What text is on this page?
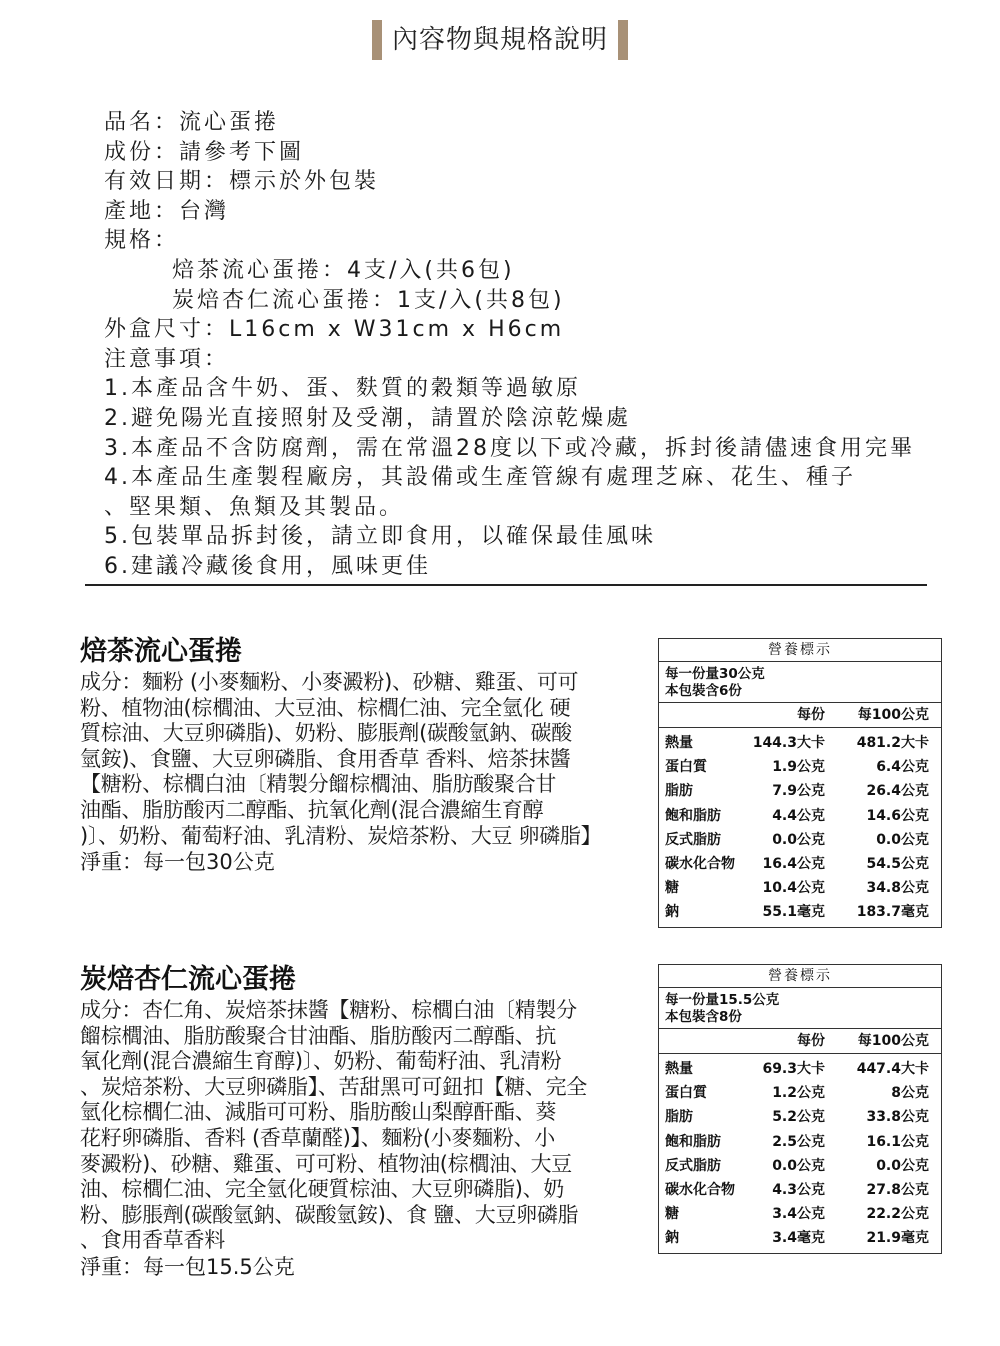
內容物與規格說明
品名：流心蛋捲
成份：請參考下圖
有效日期：標示於外包裝
產地：台灣
規格：
焙茶流心蛋捲：4支/入(共6包)
炭焙杏仁流心蛋捲：1支/入(共8包)
外盒尺寸：L16cm x W31cm x H6cm
注意事項：
1.本產品含牛奶、蛋、麩質的穀類等過敏原
2.避免陽光直接照射及受潮，請置於陰涼乾燥處
3.本產品不含防腐劑，需在常溫28度以下或冷藏，拆封後請儘速食用完畢
4.本產品生產製程廠房，其設備或生產管線有處理芝麻、花生、種子
、堅果類、魚類及其製品。
5.包裝單品拆封後，請立即食用，以確保最佳風味
6.建議冷藏後食用，風味更佳
焙茶流心蛋捲
成分：麵粉 (小麥麵粉、小麥澱粉)、砂糖、雞蛋、可可
粉、植物油(棕櫚油、大豆油、棕櫚仁油、完全氫化 硬
質棕油、大豆卵磷脂)、奶粉、膨脹劑(碳酸氫鈉、碳酸
氫銨)、食鹽、大豆卵磷脂、食用香草 香料、焙茶抹醬
【糖粉、棕櫚白油〔精製分餾棕櫚油、脂肪酸聚合甘
油酯、脂肪酸丙二醇酯、抗氧化劑(混合濃縮生育醇
)〕、奶粉、葡萄籽油、乳清粉、炭焙茶粉、大豆 卵磷脂】
淨重：每一包30公克
營養標示
每一份量30公克
本包裝含6份
每份 每100公克
熱量	144.3大卡 481.2大卡
蛋白質	1.9公克	6.4公克
脂肪	7.9公克	26.4公克
飽和脂肪	4.4公克	14.6公克
反式脂肪	0.0公克	0.0公克
碳水化合物 16.4公克	54.5公克
糖	10.4公克	34.8公克
鈉	55.1毫克 183.7毫克
炭焙杏仁流心蛋捲
成分：杏仁角、炭焙茶抹醬【糖粉、棕櫚白油〔精製分
餾棕櫚油、脂肪酸聚合甘油酯、脂肪酸丙二醇酯、抗
氧化劑(混合濃縮生育醇)〕、奶粉、葡萄籽油、乳清粉
、炭焙茶粉、大豆卵磷脂】、苦甜黑可可鈕扣【糖、完全
氫化棕櫚仁油、減脂可可粉、脂肪酸山梨醇酐酯、葵
花籽卵磷脂、香料 (香草蘭醛)】、麵粉(小麥麵粉、小
麥澱粉)、砂糖、雞蛋、可可粉、植物油(棕櫚油、大豆
油、棕櫚仁油、完全氫化硬質棕油、大豆卵磷脂)、奶
粉、膨脹劑(碳酸氫鈉、碳酸氫銨)、食 鹽、大豆卵磷脂
、食用香草香料
淨重：每一包15.5公克
營養標示
每一份量15.5公克
本包裝含8份
每份 每100公克
熱量	69.3大卡 447.4大卡
蛋白質	1.2公克	8公克
脂肪	5.2公克	33.8公克
飽和脂肪	2.5公克	16.1公克
反式脂肪	0.0公克	0.0公克
碳水化合物	4.3公克	27.8公克
糖	3.4公克	22.2公克
鈉	3.4毫克	21.9毫克
